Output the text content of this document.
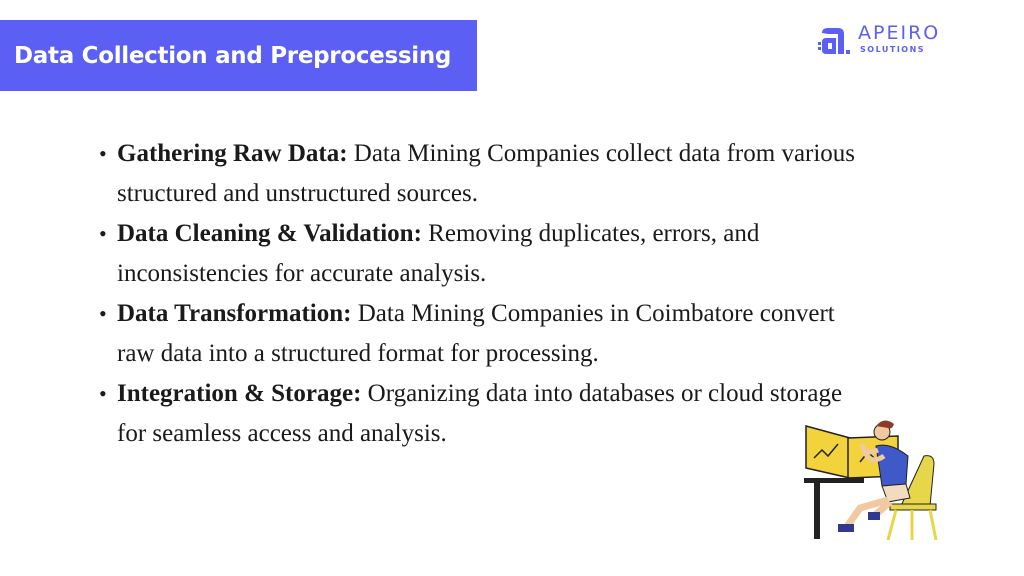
Data Collection and Preprocessing
APEIRO
SOLUTIONS
• Gathering Raw Data: Data Mining Companies collect data from various structured and unstructured sources.
• Data Cleaning & Validation: Removing duplicates, errors, and inconsistencies for accurate analysis.
• Data Transformation: Data Mining Companies in Coimbatore convert raw data into a structured format for processing.
• Integration & Storage: Organizing data into databases or cloud storage for seamless access and analysis.
